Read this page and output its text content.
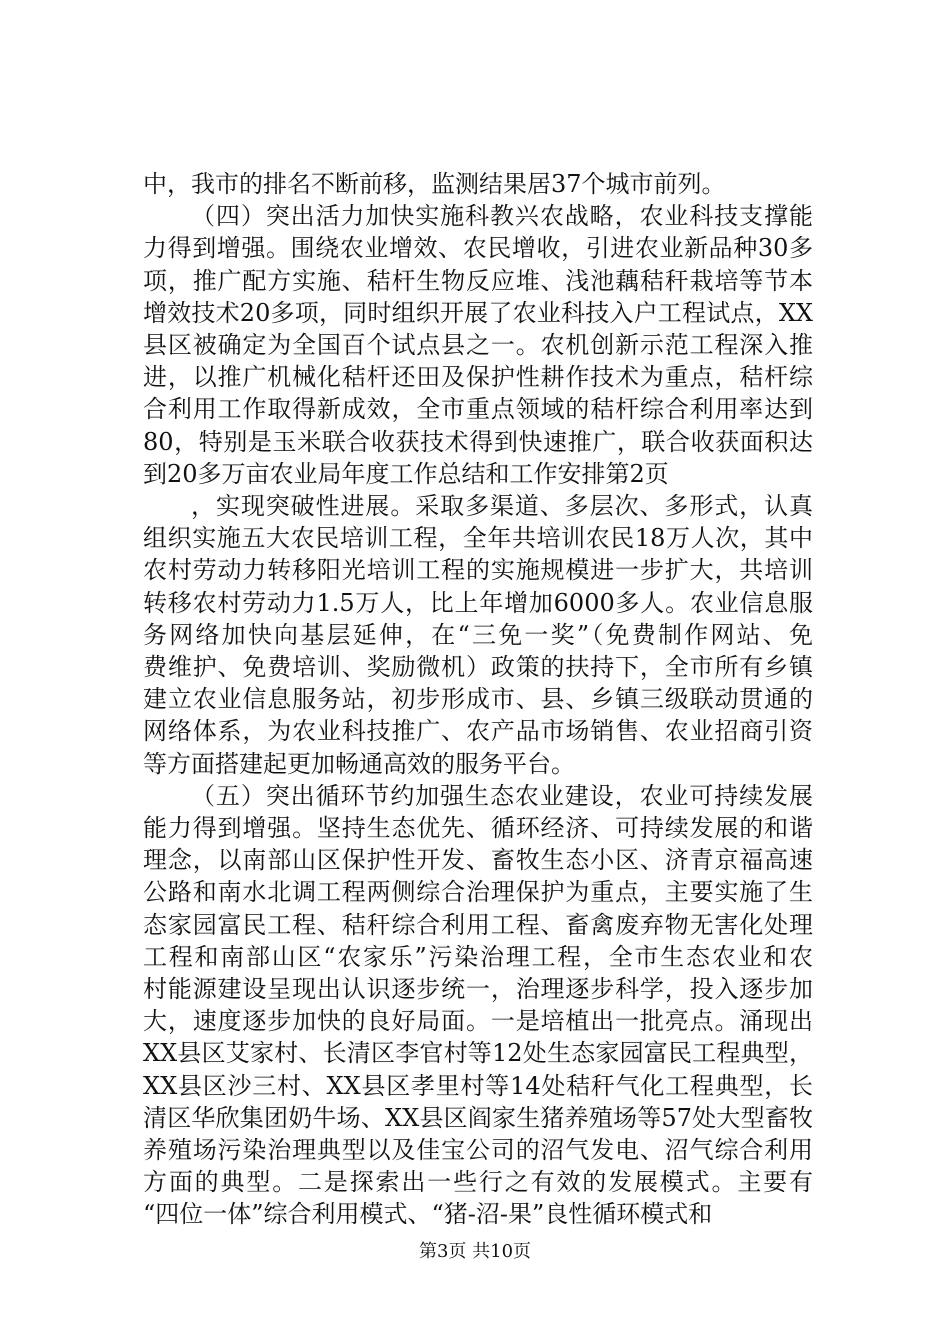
中，我市的排名不断前移，监测结果居37个城市前列。
（四）突出活力加快实施科教兴农战略，农业科技支撑能
力得到增强。围绕农业增效、农民增收，引进农业新品种30多
项，推广配方实施、秸杆生物反应堆、浅池藕秸秆栽培等节本
增效技术20多项，同时组织开展了农业科技入户工程试点，XX
县区被确定为全国百个试点县之一。农机创新示范工程深入推
进，以推广机械化秸杆还田及保护性耕作技术为重点，秸杆综
合利用工作取得新成效，全市重点领域的秸杆综合利用率达到
80，特别是玉米联合收获技术得到快速推广，联合收获面积达
到20多万亩农业局年度工作总结和工作安排第2页
，实现突破性进展。采取多渠道、多层次、多形式，认真
组织实施五大农民培训工程，全年共培训农民18万人次，其中
农村劳动力转移阳光培训工程的实施规模进一步扩大，共培训
转移农村劳动力1.5万人，比上年增加6000多人。农业信息服
务网络加快向基层延伸，在“三免一奖”（免费制作网站、免
费维护、免费培训、奖励微机）政策的扶持下，全市所有乡镇
建立农业信息服务站，初步形成市、县、乡镇三级联动贯通的
网络体系，为农业科技推广、农产品市场销售、农业招商引资
等方面搭建起更加畅通高效的服务平台。
（五）突出循环节约加强生态农业建设，农业可持续发展
能力得到增强。坚持生态优先、循环经济、可持续发展的和谐
理念，以南部山区保护性开发、畜牧生态小区、济青京福高速
公路和南水北调工程两侧综合治理保护为重点，主要实施了生
态家园富民工程、秸秆综合利用工程、畜禽废弃物无害化处理
工程和南部山区“农家乐”污染治理工程，全市生态农业和农
村能源建设呈现出认识逐步统一，治理逐步科学，投入逐步加
大，速度逐步加快的良好局面。一是培植出一批亮点。涌现出
XX县区艾家村、长清区李官村等12处生态家园富民工程典型，
XX县区沙三村、XX县区孝里村等14处秸秆气化工程典型，长
清区华欣集团奶牛场、XX县区阎家生猪养殖场等57处大型畜牧
养殖场污染治理典型以及佳宝公司的沼气发电、沼气综合利用
方面的典型。二是探索出一些行之有效的发展模式。主要有
“四位一体”综合利用模式、“猪-沼-果”良性循环模式和
第3页 共10页
